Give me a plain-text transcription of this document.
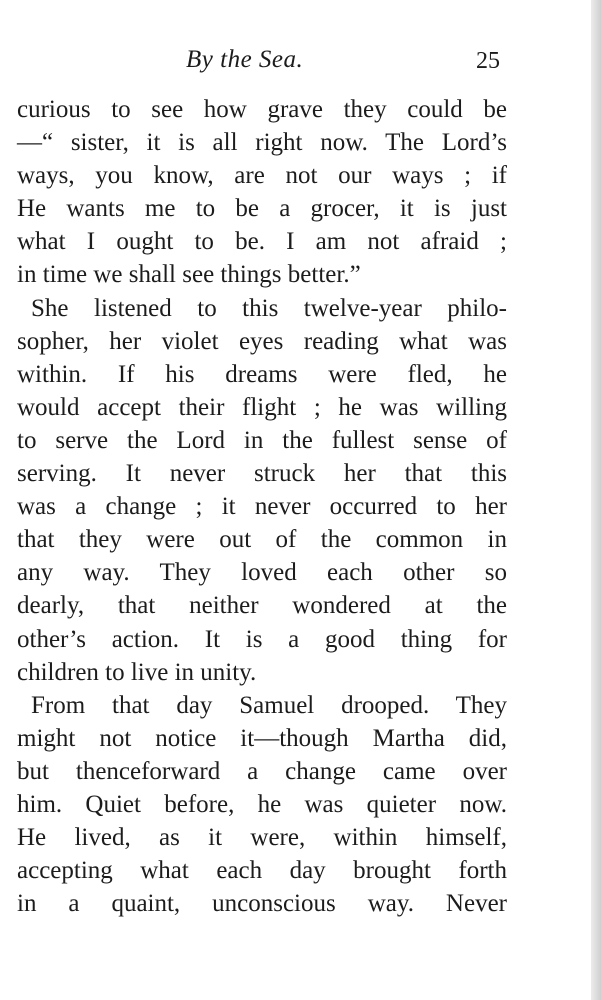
By the Sea.	25
curious to see how grave they could be
—“ sister, it is all right now. The Lord’s
ways, you know, are not our ways ; if
He wants me to be a grocer, it is just
what I ought to be. I am not afraid ;
in time we shall see things better.”
She listened to this twelve-year philo-
sopher, her violet eyes reading what was
within. If his dreams were fled, he
would accept their flight ; he was willing
to serve the Lord in the fullest sense of
serving. It never struck her that this
was a change ; it never occurred to her
that they were out of the common in
any way. They loved each other so
dearly, that neither wondered at the
other’s action. It is a good thing for
children to live in unity.
From that day Samuel drooped. They
might not notice it—though Martha did,
but thenceforward a change came over
him. Quiet before, he was quieter now.
He lived, as it were, within himself,
accepting what each day brought forth
in a quaint, unconscious way. Never
